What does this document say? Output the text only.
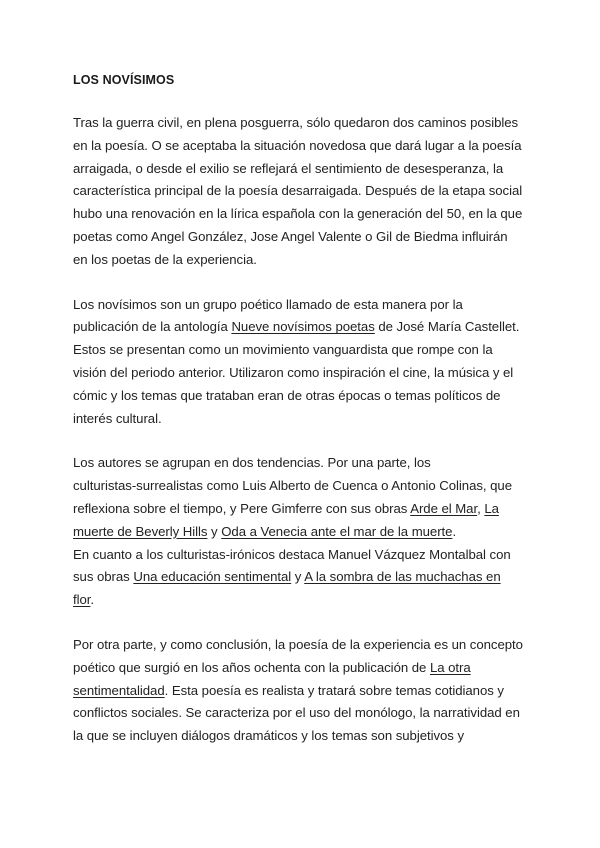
LOS NOVÍSIMOS
Tras la guerra civil, en plena posguerra, sólo quedaron dos caminos posibles
en la poesía. O se aceptaba la situación novedosa que dará lugar a la poesía
arraigada, o desde el exilio se reflejará el sentimiento de desesperanza, la
característica principal de la poesía desarraigada. Después de la etapa social
hubo una renovación en la lírica española con la generación del 50, en la que
poetas como Angel González, Jose Angel Valente o Gil de Biedma influirán
en los poetas de la experiencia.
Los novísimos son un grupo poético llamado de esta manera por la
publicación de la antología Nueve novísimos poetas de José María Castellet.
Estos se presentan como un movimiento vanguardista que rompe con la
visión del periodo anterior. Utilizaron como inspiración el cine, la música y el
cómic y los temas que trataban eran de otras épocas o temas políticos de
interés cultural.
Los autores se agrupan en dos tendencias. Por una parte, los
culturistas-surrealistas como Luis Alberto de Cuenca o Antonio Colinas, que
reflexiona sobre el tiempo, y Pere Gimferre con sus obras Arde el Mar, La
muerte de Beverly Hills y Oda a Venecia ante el mar de la muerte.
En cuanto a los culturistas-irónicos destaca Manuel Vázquez Montalbal con
sus obras Una educación sentimental y A la sombra de las muchachas en
flor.
Por otra parte, y como conclusión, la poesía de la experiencia es un concepto
poético que surgió en los años ochenta con la publicación de La otra
sentimentalidad. Esta poesía es realista y tratará sobre temas cotidianos y
conflictos sociales. Se caracteriza por el uso del monólogo, la narratividad en
la que se incluyen diálogos dramáticos y los temas son subjetivos y
